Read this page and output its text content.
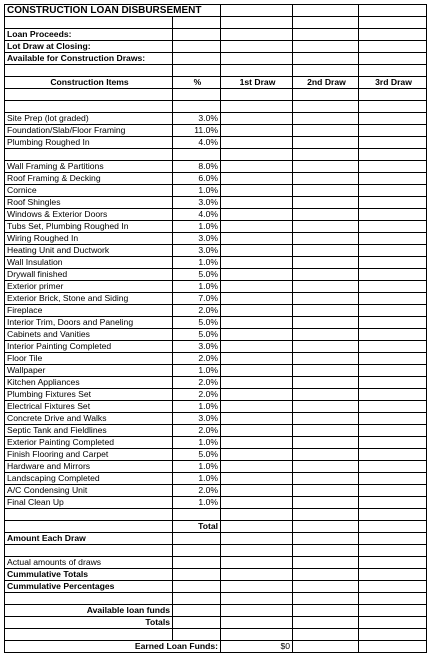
CONSTRUCTION LOAN DISBURSEMENT				

Loan Proceeds:				
Lot Draw at Closing:				
Available for Construction Draws:				

Construction Items	%	1st Draw	2nd Draw	3rd Draw

Site Prep (lot graded)	3.0%			
Foundation/Slab/Floor Framing	11.0%			
Plumbing Roughed In	4.0%			

Wall Framing & Partitions	8.0%			
Roof Framing & Decking	6.0%			
Cornice	1.0%			
Roof Shingles	3.0%			
Windows & Exterior Doors	4.0%			
Tubs Set, Plumbing Roughed In	1.0%			
Wiring Roughed In	3.0%			
Heating Unit and Ductwork	3.0%			
Wall Insulation	1.0%			
Drywall finished	5.0%			
Exterior primer	1.0%			
Exterior Brick, Stone and Siding	7.0%			
Fireplace	2.0%			
Interior Trim, Doors and Paneling	5.0%			
Cabinets and Vanities	5.0%			
Interior Painting Completed	3.0%			
Floor Tile	2.0%			
Wallpaper	1.0%			
Kitchen Appliances	2.0%			
Plumbing Fixtures Set	2.0%			
Electrical Fixtures Set	1.0%			
Concrete Drive and Walks	3.0%			
Septic Tank and Fieldlines	2.0%			
Exterior Painting Completed	1.0%			
Finish Flooring and Carpet	5.0%			
Hardware and Mirrors	1.0%			
Landscaping Completed	1.0%			
A/C Condensing Unit	2.0%			
Final Clean Up	1.0%			

	Total			
Amount Each Draw				

Actual amounts of draws				
Cummulative Totals				
Cummulative Percentages				

Available loan funds				
Totals				

Earned Loan Funds:		$0		
